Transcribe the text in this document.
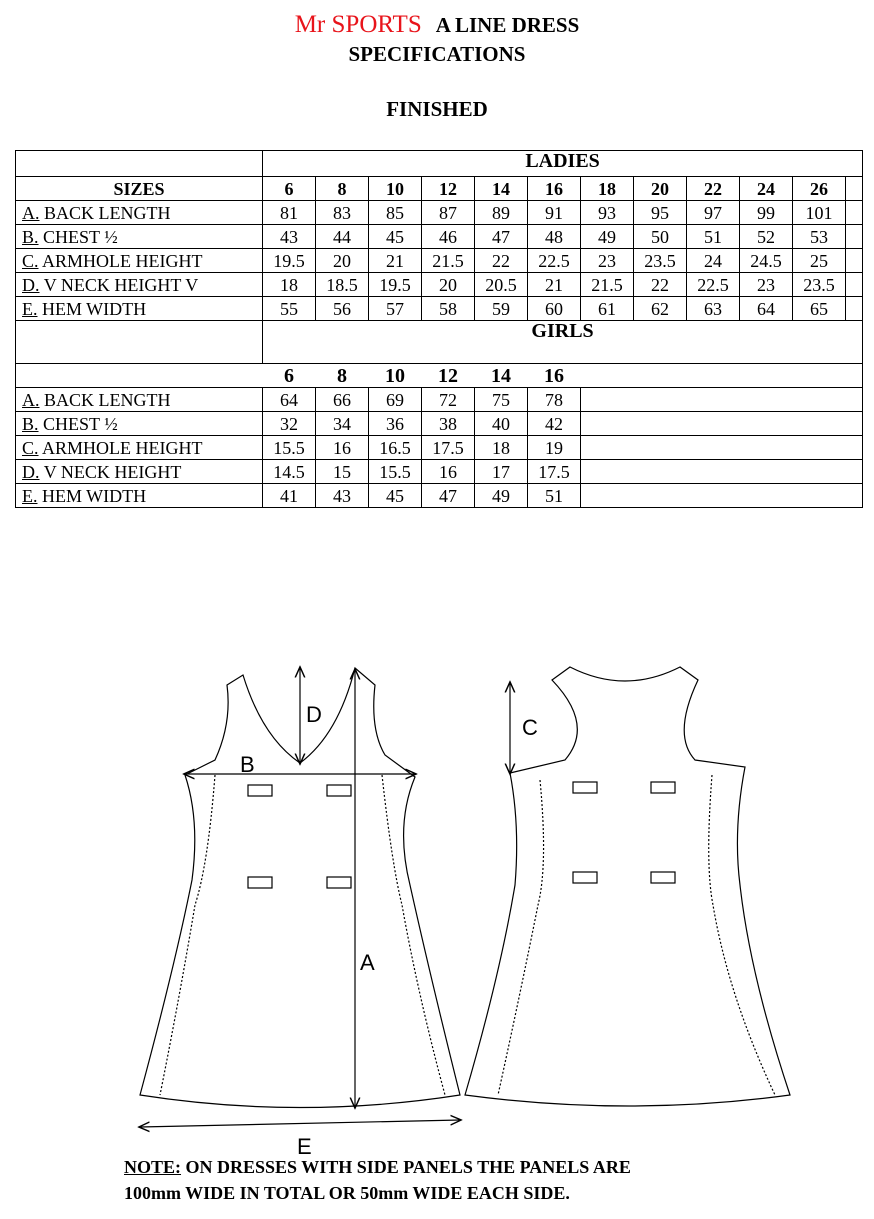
Mr SPORTS A LINE DRESS
SPECIFICATIONS
FINISHED
	LADIES											
SIZES	6	8	10	12	14	16	18	20	22	24	26	
A. BACK LENGTH	81	83	85	87	89	91	93	95	97	99	101	
B. CHEST ½	43	44	45	46	47	48	49	50	51	52	53	
C. ARMHOLE HEIGHT	19.5	20	21	21.5	22	22.5	23	23.5	24	24.5	25	
D. V NECK HEIGHT V	18	18.5	19.5	20	20.5	21	21.5	22	22.5	23	23.5	
E. HEM WIDTH	55	56	57	58	59	60	61	62	63	64	65	
	GIRLS											
	6	8	10	12	14	16						
A. BACK LENGTH	64	66	69	72	75	78						
B. CHEST ½	32	34	36	38	40	42						
C. ARMHOLE HEIGHT	15.5	16	16.5	17.5	18	19						
D. V NECK HEIGHT	14.5	15	15.5	16	17	17.5						
E. HEM WIDTH	41	43	45	47	49	51						
D
B
A
C
E
NOTE: ON DRESSES WITH SIDE PANELS THE PANELS ARE
100mm WIDE IN TOTAL OR 50mm WIDE EACH SIDE.
